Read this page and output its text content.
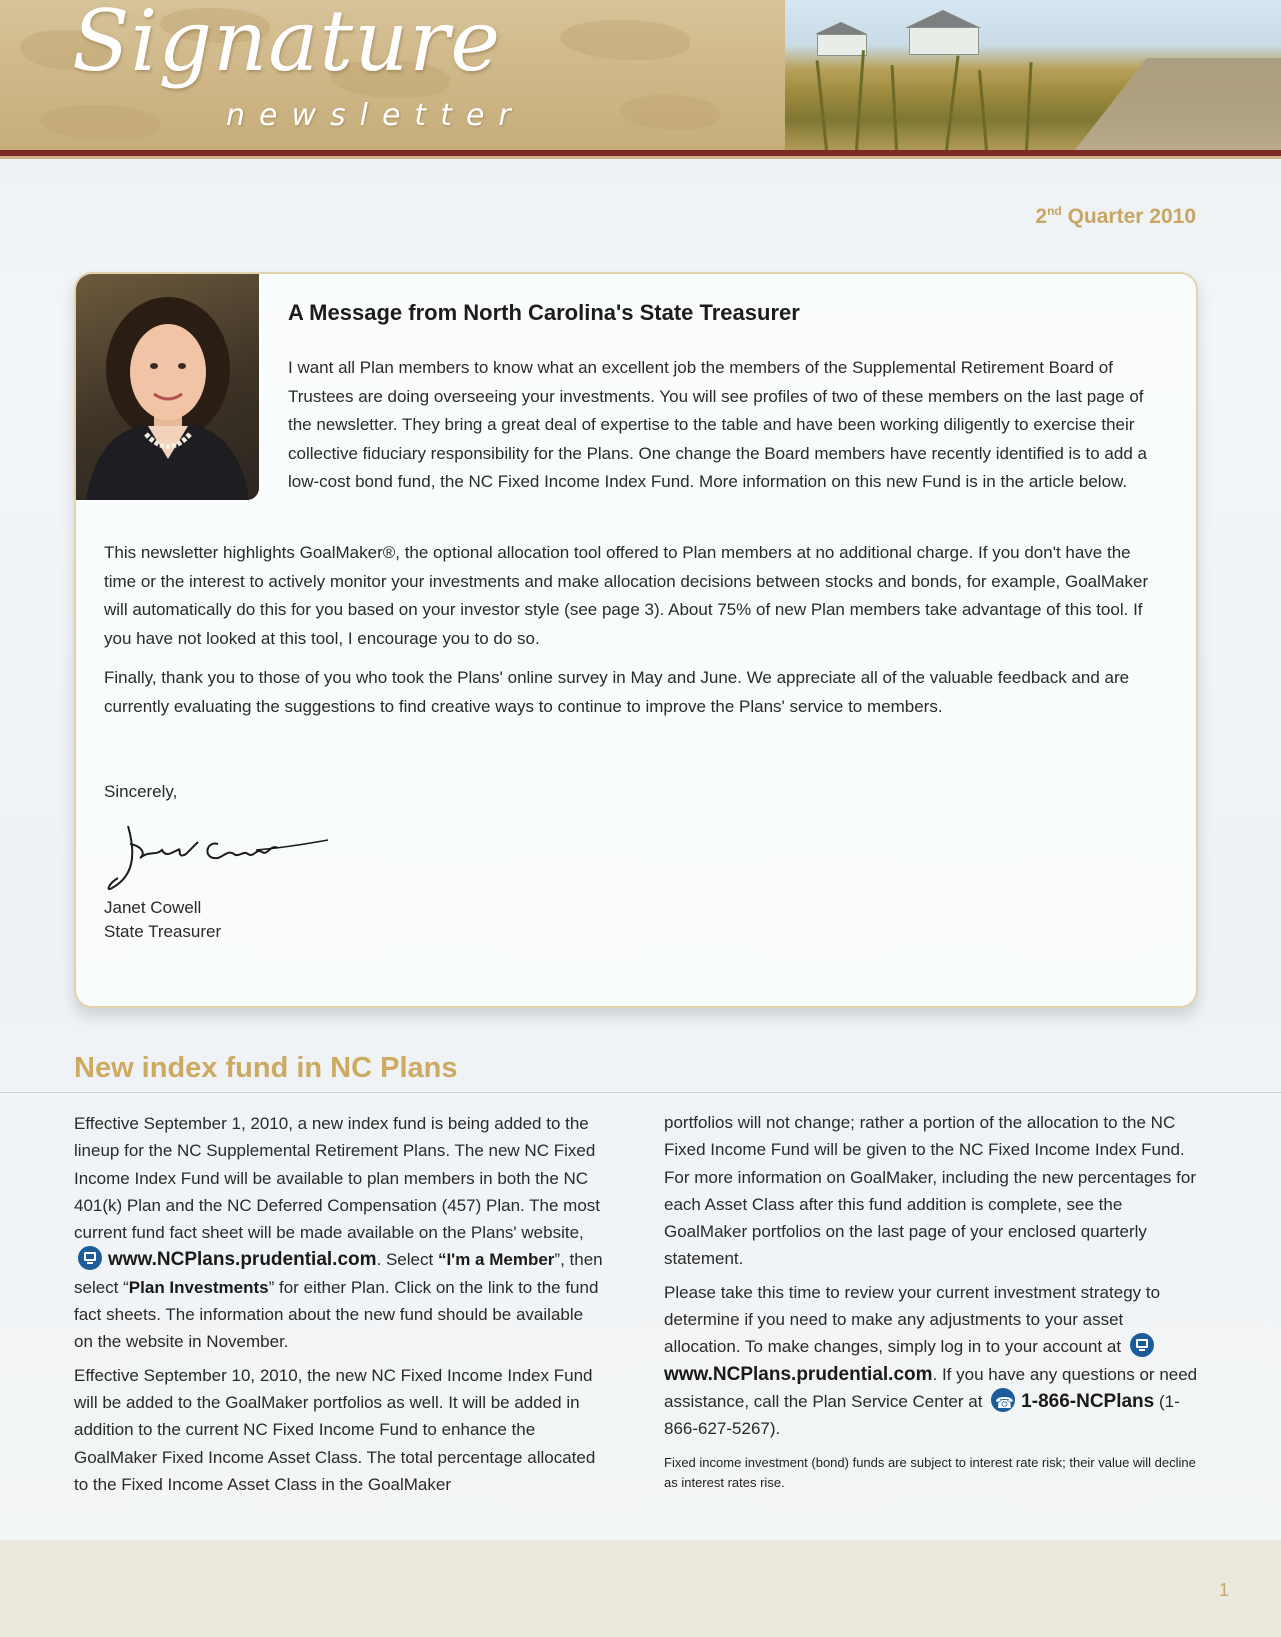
Signature
newsletter
2nd Quarter 2010
A Message from North Carolina's State Treasurer

I want all Plan members to know what an excellent job the members of the Supplemental Retirement Board of Trustees are doing overseeing your investments. You will see profiles of two of these members on the last page of the newsletter. They bring a great deal of expertise to the table and have been working diligently to exercise their collective fiduciary responsibility for the Plans. One change the Board members have recently identified is to add a low-cost bond fund, the NC Fixed Income Index Fund. More information on this new Fund is in the article below.

This newsletter highlights GoalMaker®, the optional allocation tool offered to Plan members at no additional charge. If you don't have the time or the interest to actively monitor your investments and make allocation decisions between stocks and bonds, for example, GoalMaker will automatically do this for you based on your investor style (see page 3). About 75% of new Plan members take advantage of this tool. If you have not looked at this tool, I encourage you to do so.

Finally, thank you to those of you who took the Plans' online survey in May and June. We appreciate all of the valuable feedback and are currently evaluating the suggestions to find creative ways to continue to improve the Plans' service to members.

Sincerely,

Janet Cowell

State Treasurer

New index fund in NC Plans

Effective September 1, 2010, a new index fund is being added to the lineup for the NC Supplemental Retirement Plans. The new NC Fixed Income Index Fund will be available to plan members in both the NC 401(k) Plan and the NC Deferred Compensation (457) Plan. The most current fund fact sheet will be made available on the Plans' website, www.NCPlans.prudential.com. Select “I'm a Member”, then select “Plan Investments” for either Plan. Click on the link to the fund fact sheets. The information about the new fund should be available on the website in November.

Effective September 10, 2010, the new NC Fixed Income Index Fund will be added to the GoalMaker portfolios as well. It will be added in addition to the current NC Fixed Income Fund to enhance the GoalMaker Fixed Income Asset Class. The total percentage allocated to the Fixed Income Asset Class in the GoalMaker

portfolios will not change; rather a portion of the allocation to the NC Fixed Income Fund will be given to the NC Fixed Income Index Fund. For more information on GoalMaker, including the new percentages for each Asset Class after this fund addition is complete, see the GoalMaker portfolios on the last page of your enclosed quarterly statement.

Please take this time to review your current investment strategy to determine if you need to make any adjustments to your asset allocation. To make changes, simply log in to your account at www.NCPlans.prudential.com. If you have any questions or need assistance, call the Plan Service Center at ☎ 1-866-NCPlans (1-866-627-5267).

Fixed income investment (bond) funds are subject to interest rate risk; their value will decline as interest rates rise.

1
